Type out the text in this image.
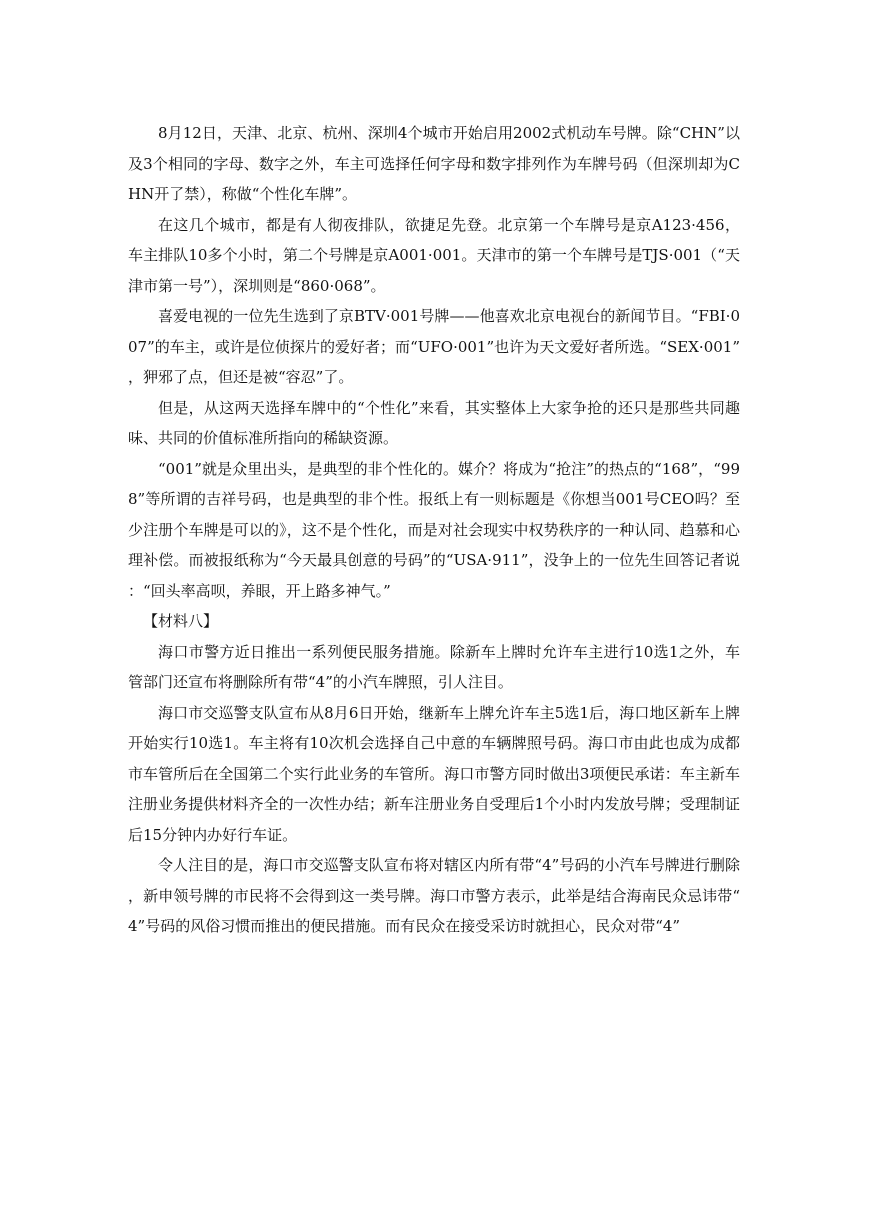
8月12日，天津、北京、杭州、深圳4个城市开始启用2002式机动车号牌。除“CHN”以及3个相同的字母、数字之外，车主可选择任何字母和数字排列作为车牌号码（但深圳却为CHN开了禁），称做“个性化车牌”。

在这几个城市，都是有人彻夜排队，欲捷足先登。北京第一个车牌号是京A123·456，车主排队10多个小时，第二个号牌是京A001·001。天津市的第一个车牌号是TJS·001（“天津市第一号”），深圳则是“860·068”。

喜爱电视的一位先生选到了京BTV·001号牌——他喜欢北京电视台的新闻节目。“FBI·007”的车主，或许是位侦探片的爱好者；而“UFO·001”也许为天文爱好者所选。“SEX·001”，狎邪了点，但还是被“容忍”了。

但是，从这两天选择车牌中的“个性化”来看，其实整体上大家争抢的还只是那些共同趣味、共同的价值标准所指向的稀缺资源。

“001”就是众里出头，是典型的非个性化的。媒介？将成为“抢注”的热点的“168”，“998”等所谓的吉祥号码，也是典型的非个性。报纸上有一则标题是《你想当001号CEO吗？至少注册个车牌是可以的》，这不是个性化，而是对社会现实中权势秩序的一种认同、趋慕和心理补偿。而被报纸称为“今天最具创意的号码”的“USA·911”，没争上的一位先生回答记者说：“回头率高呗，养眼，开上路多神气。”

【材料八】

海口市警方近日推出一系列便民服务措施。除新车上牌时允许车主进行10选1之外，车管部门还宣布将删除所有带“4”的小汽车牌照，引人注目。

海口市交巡警支队宣布从8月6日开始，继新车上牌允许车主5选1后，海口地区新车上牌开始实行10选1。车主将有10次机会选择自己中意的车辆牌照号码。海口市由此也成为成都市车管所后在全国第二个实行此业务的车管所。海口市警方同时做出3项便民承诺：车主新车注册业务提供材料齐全的一次性办结；新车注册业务自受理后1个小时内发放号牌；受理制证后15分钟内办好行车证。

令人注目的是，海口市交巡警支队宣布将对辖区内所有带“4”号码的小汽车号牌进行删除，新申领号牌的市民将不会得到这一类号牌。海口市警方表示，此举是结合海南民众忌讳带“4”号码的风俗习惯而推出的便民措施。而有民众在接受采访时就担心，民众对带“4”
